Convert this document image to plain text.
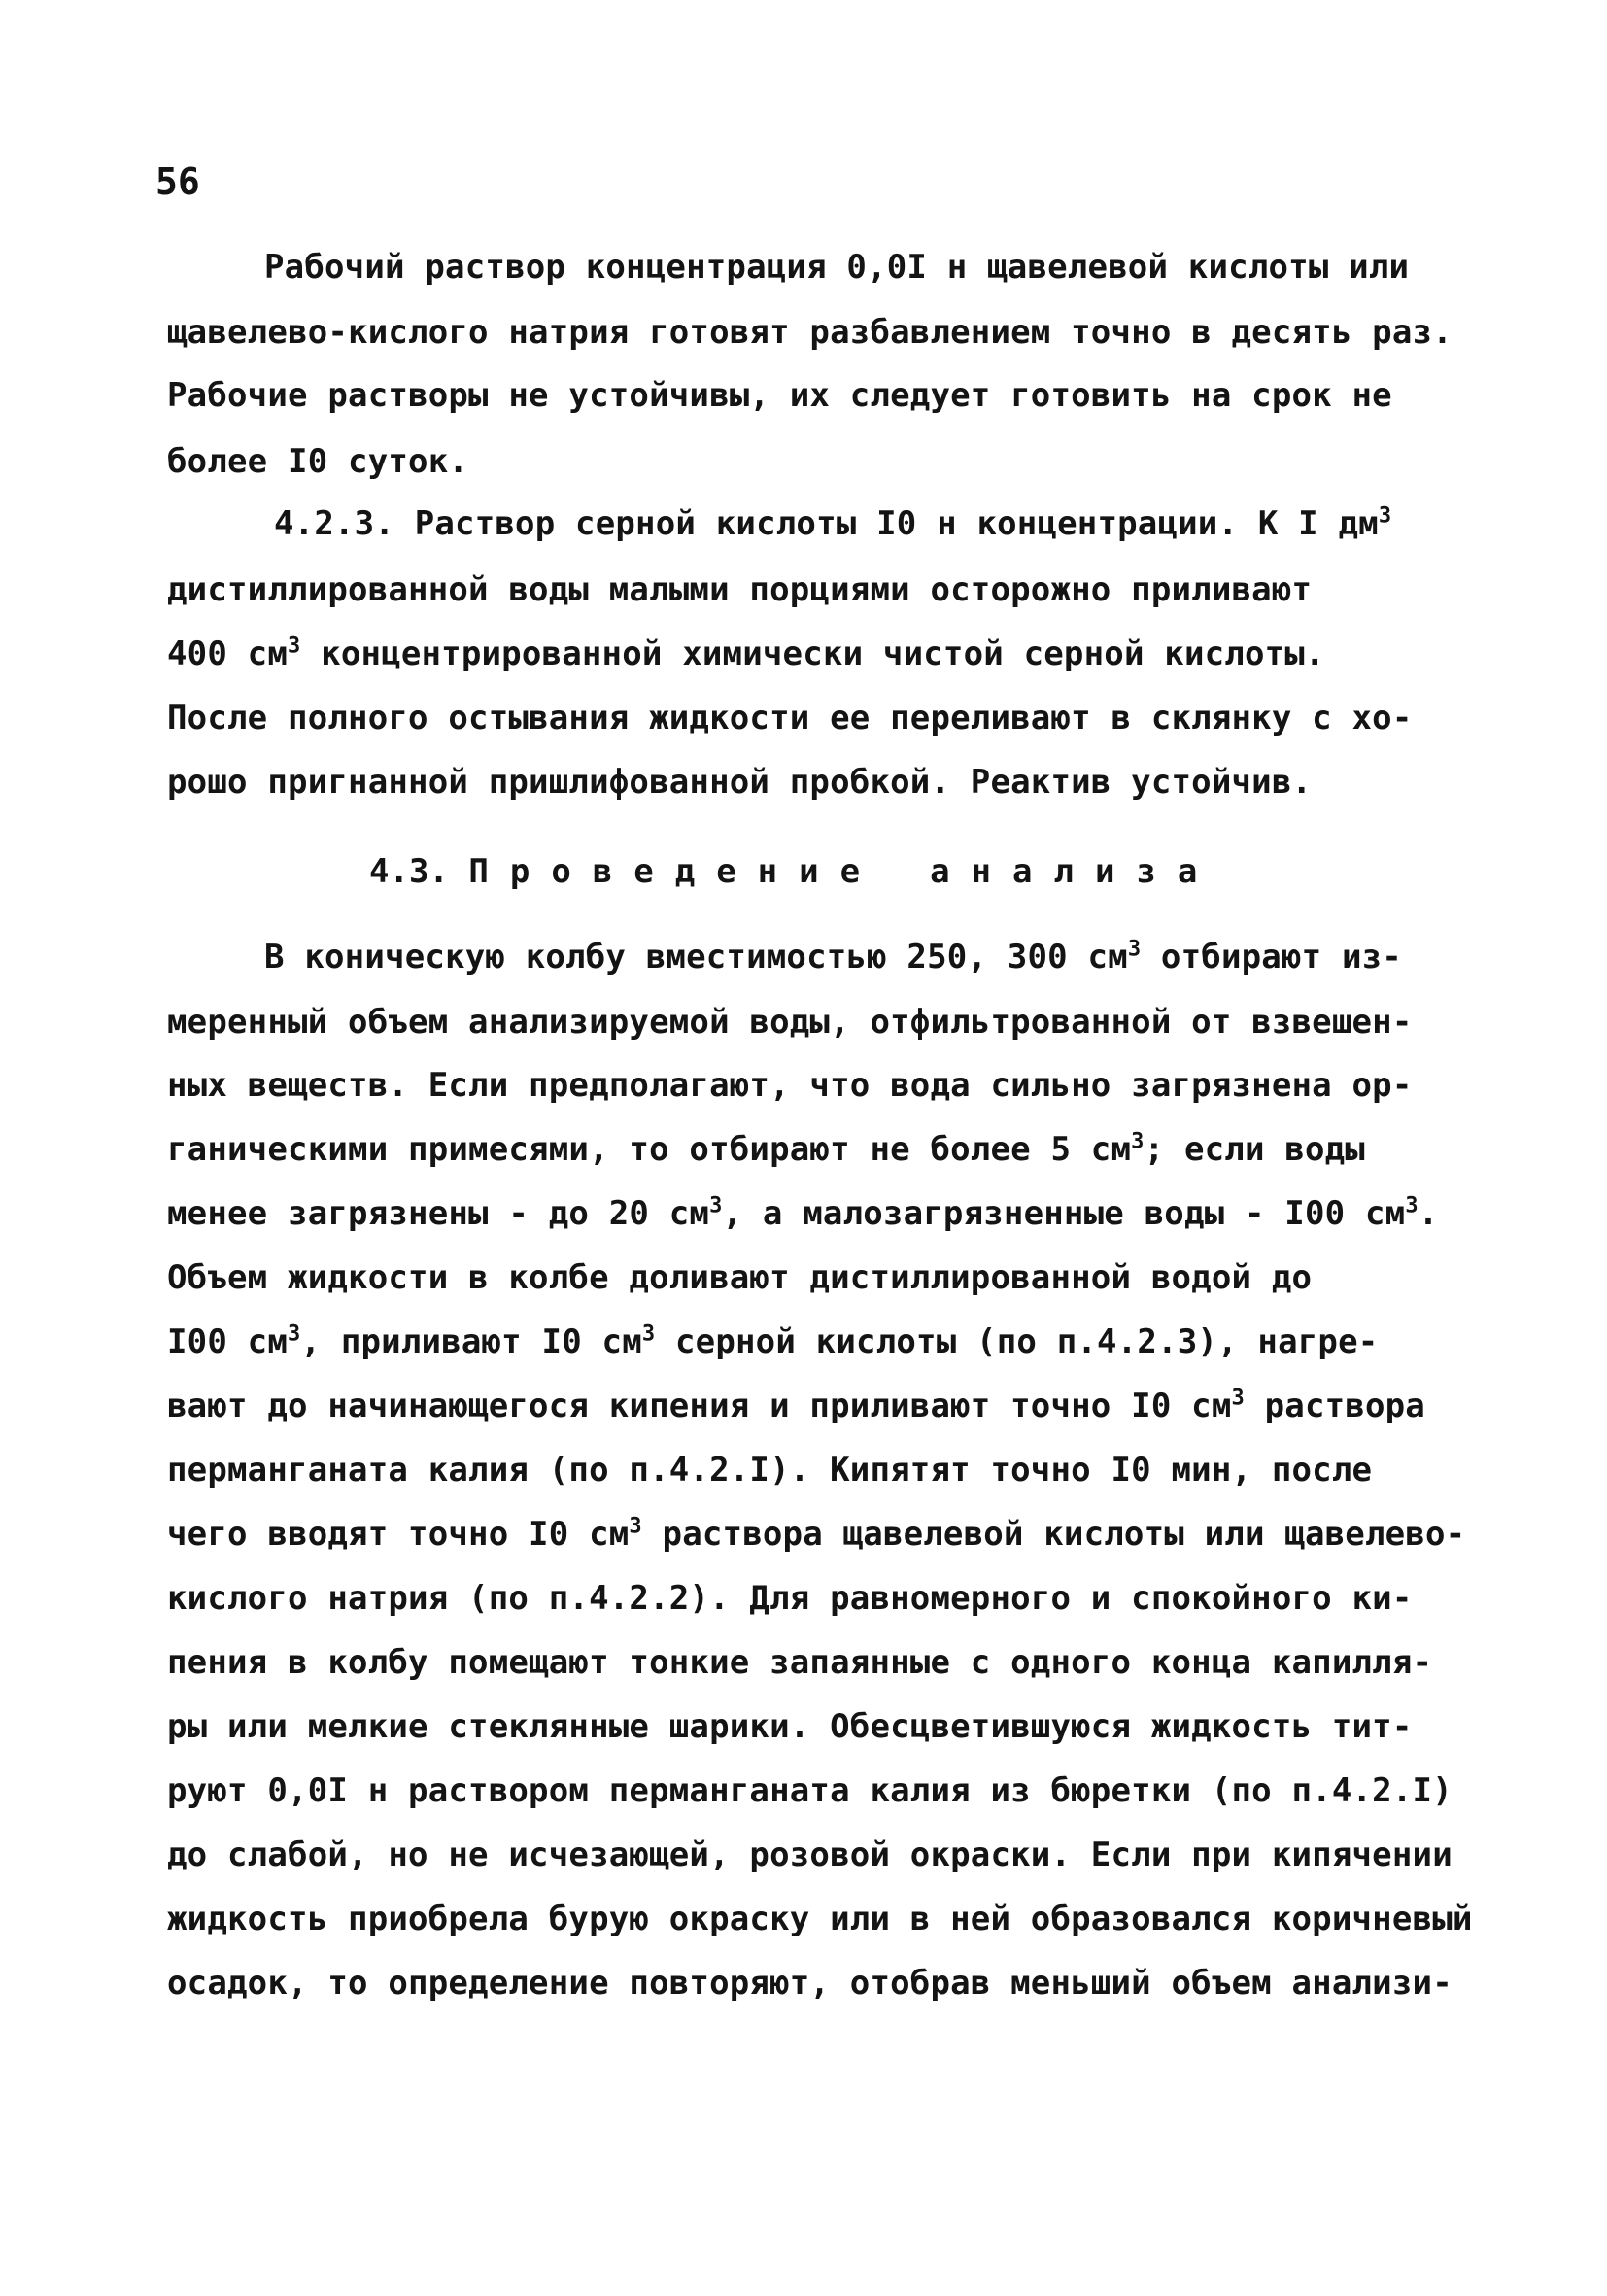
56
Рабочий раствор концентрация 0,0I н щавелевой кислоты или
щавелево-кислого натрия готовят разбавлением точно в десять раз.
Рабочие растворы не устойчивы, их следует готовить на срок не
более I0 суток.
4.2.3. Раствор серной кислоты I0 н концентрации. К I $дм^3$
дистиллированной воды малыми порциями осторожно приливают
400 $см^3$ концентрированной химически чистой серной кислоты.
После полного остывания жидкости ее переливают в склянку с хо-
рошо пригнанной пришлифованной пробкой. Реактив устойчив.
4.3. Проведение анализа
В коническую колбу вместимостью 250, 300 $см^3$ отбирают из-
меренный объем анализируемой воды, отфильтрованной от взвешен-
ных веществ. Если предполагают, что вода сильно загрязнена ор-
ганическими примесями, то отбирают не более 5 $см^3$; если воды
менее загрязнены - до 20 $см^3$, а малозагрязненные воды - I00 $см^3$.
Объем жидкости в колбе доливают дистиллированной водой до
I00 $см^3$, приливают I0 $см^3$ серной кислоты (по п.4.2.3), нагре-
вают до начинающегося кипения и приливают точно I0 $см^3$ раствора
перманганата калия (по п.4.2.I). Кипятят точно I0 мин, после
чего вводят точно I0 $см^3$ раствора щавелевой кислоты или щавелево-
кислого натрия (по п.4.2.2). Для равномерного и спокойного ки-
пения в колбу помещают тонкие запаянные с одного конца капилля-
ры или мелкие стеклянные шарики. Обесцветившуюся жидкость тит-
руют 0,0I н раствором перманганата калия из бюретки (по п.4.2.I)
до слабой, но не исчезающей, розовой окраски. Если при кипячении
жидкость приобрела бурую окраску или в ней образовался коричневый
осадок, то определение повторяют, отобрав меньший объем анализи-
